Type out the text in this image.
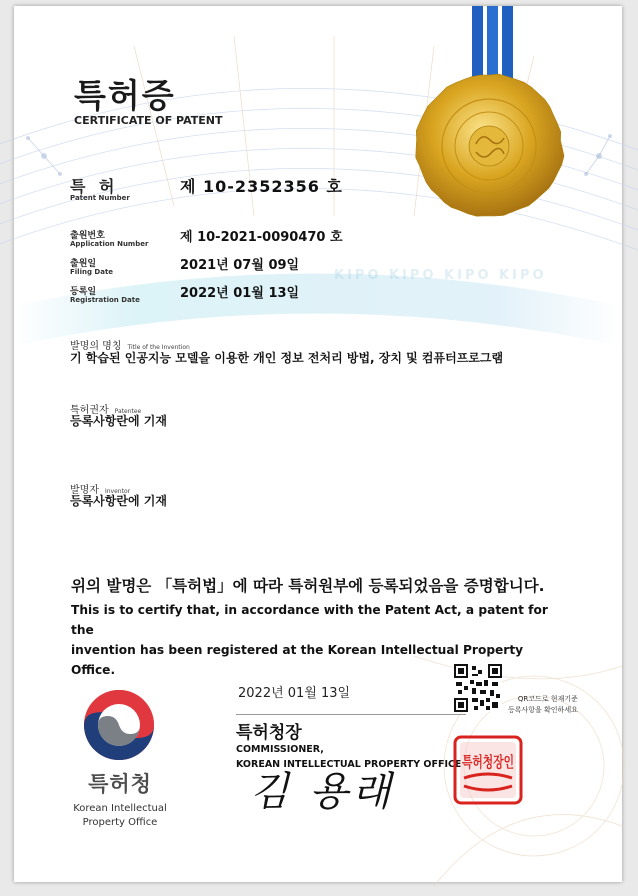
KIPO KIPO KIPO KIPO
특허증
CERTIFICATE OF PATENT
특 허
Patent Number
제 10-2352356 호
출원번호
Application Number 제 10-2021-0090470 호
출원일
Filing Date	2021년 07월 09일
등록일
Registration Date	2022년 01월 13일
발명의 명칭 Title of the Invention
기 학습된 인공지능 모델을 이용한 개인 정보 전처리 방법, 장치 및 컴퓨터프로그램
특허권자 Patentee
등록사항란에 기재
발명자 Inventor
등록사항란에 기재
위의 발명은 「특허법」에 따라 특허원부에 등록되었음을 증명합니다.
This is to certify that, in accordance with the Patent Act, a patent for the
invention has been registered at the Korean Intellectual Property Office.
2022년 01월 13일	QR코드로 현재기준
등록사항을 확인하세요
특허청장
COMMISSIONER,
KOREAN INTELLECTUAL PROPERTY OFFICE
김 용래
특허청장인
특허청
Korean Intellectual
Property Office
